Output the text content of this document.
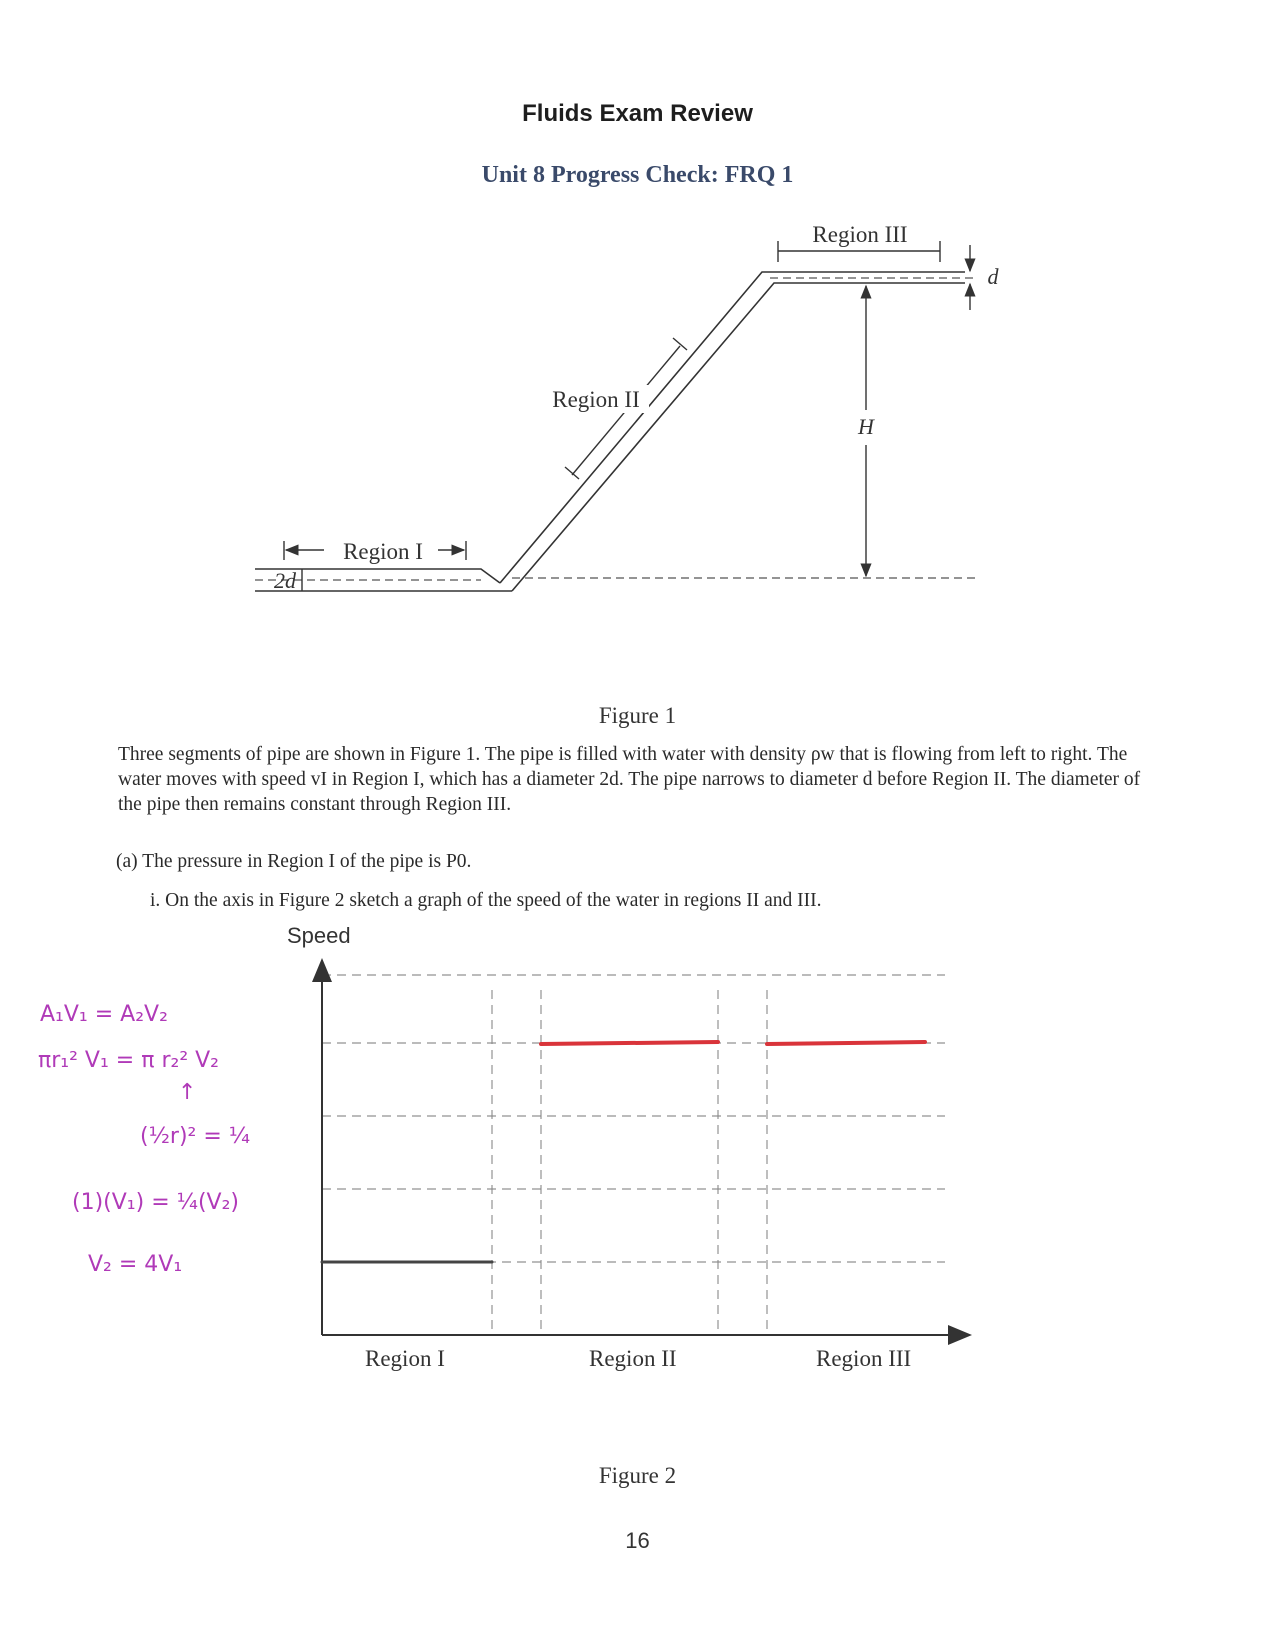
Fluids Exam Review
Unit 8 Progress Check: FRQ 1
Region I
2d
Region II
Region III
d
H
Figure 1
Three segments of pipe are shown in Figure 1. The pipe is filled with water with density ρw that is flowing from left to right. The water moves with speed vI in Region I, which has a diameter 2d. The pipe narrows to diameter d before Region II. The diameter of the pipe then remains constant through Region III.
(a) The pressure in Region I of the pipe is P0.
i. On the axis in Figure 2 sketch a graph of the speed of the water in regions II and III.
Speed
Region I	Region II	Region III
Figure 2
A₁V₁ = A₂V₂
πr₁² V₁ = π r₂² V₂
↑
(½r)² = ¼
(1)(V₁) = ¼(V₂)
V₂ = 4V₁
16
